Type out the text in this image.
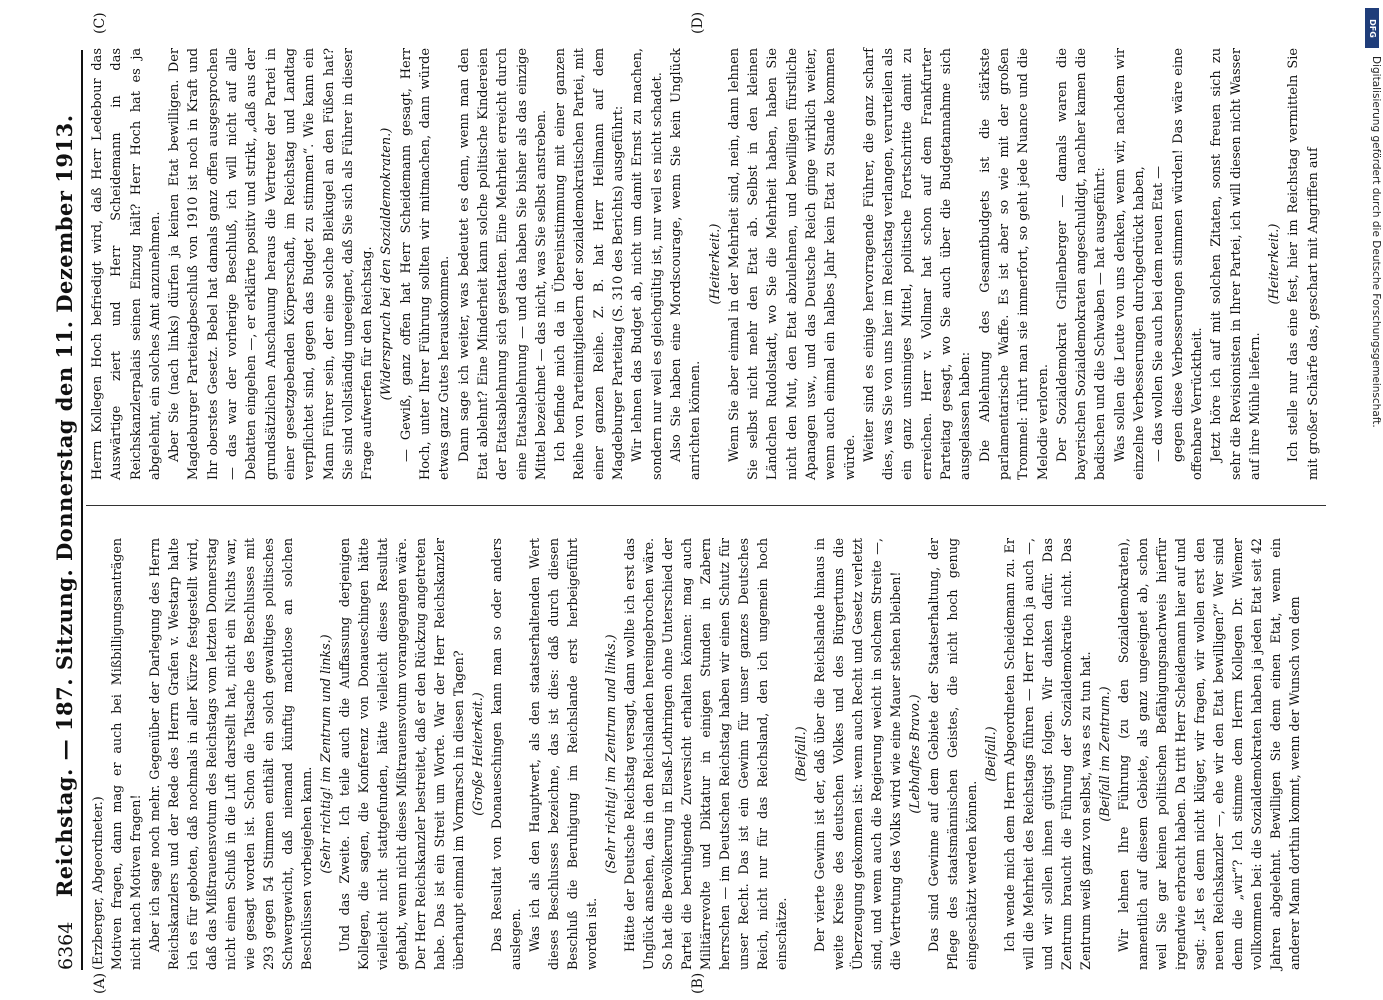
6364
Reichstag. — 187. Sitzung. Donnerstag den 11. Dezember 1913.
(A)	(B)
(C)	(D)

(Erzberger, Abgeordneter.) Motiven fragen, dann mag er auch bei Mißbilligungsanträgen nicht nach Motiven fragen! Aber ich sage noch mehr. Gegenüber der Darlegung des Herrn Reichskanzlers und der Rede des Herrn Grafen v. Westarp halte ich es für geboten, daß nochmals in aller Kürze festgestellt wird, daß das Mißtrauensvotum des Reichstags vom letzten Donnerstag nicht einen Schuß in die Luft darstellt hat, nicht ein Nichts war, wie gesagt worden ist. Schon die Tatsache des Beschlusses mit 293 gegen 54 Stimmen enthält ein solch gewaltiges politisches Schwergewicht, daß niemand künftig machtlose an solchen Beschlüssen vorbeigehen kann. (Sehr richtig! im Zentrum und links.) Und das Zweite. Ich teile auch die Auffassung derjenigen Kollegen, die sagen, die Konferenz von Donaueschingen hätte vielleicht nicht stattgefunden, hätte vielleicht dieses Resultat gehabt, wenn nicht dieses Mißtrauensvotum vorangegangen wäre. Der Herr Reichskanzler bestreitet, daß er den Rückzug angetreten habe. Das ist ein Streit um Worte. War der Herr Reichskanzler überhaupt einmal im Vormarsch in diesen Tagen? (Große Heiterkeit.) Das Resultat von Donaueschingen kann man so oder anders auslegen. Was ich als den Hauptwert, als den staatserhaltenden Wert dieses Beschlusses bezeichne, das ist dies: daß durch diesen Beschluß die Beruhigung im Reichslande erst herbeigeführt worden ist.

(Sehr richtig! im Zentrum und links.) Hätte der Deutsche Reichstag versagt, dann wollte ich erst das Unglück ansehen, das in den Reichslanden hereingebrochen wäre. So hat die Bevölkerung in Elsaß-Lothringen ohne Unterschied der Partei die beruhigende Zuversicht erhalten können: mag auch Militärrevolte und Diktatur in einigen Stunden in Zabern herrschen — im Deutschen Reichstag haben wir einen Schutz für unser Recht. Das ist ein Gewinn für unser ganzes Deutsches Reich, nicht nur für das Reichsland, den ich ungemein hoch einschätze.

(Beifall.) Der vierte Gewinn ist der, daß über die Reichslande hinaus in weite Kreise des deutschen Volkes und des Bürgertums die Überzeugung gekommen ist: wenn auch Recht und Gesetz verletzt sind, und wenn auch die Regierung weicht in solchem Streite —, die Vertretung des Volks wird wie eine Mauer stehen bleiben! (Lebhaftes Bravo.) Das sind Gewinne auf dem Gebiete der Staatserhaltung, der Pflege des staatsmännischen Geistes, die nicht hoch genug eingeschätzt werden können.

(Beifall.) Ich wende mich dem Herrn Abgeordneten Scheidemann zu. Er will die Mehrheit des Reichstags führen — Herr Hoch ja auch —, und wir sollen ihnen gütigst folgen. Wir danken dafür. Das Zentrum braucht die Führung der Sozialdemokratie nicht. Das Zentrum weiß ganz von selbst, was es zu tun hat. (Beifall im Zentrum.) Wir lehnen Ihre Führung (zu den Sozialdemokraten), namentlich auf diesem Gebiete, als ganz ungeeignet ab, schon weil Sie gar keinen politischen Befähigungsnachweis hierfür irgendwie erbracht haben. Da tritt Herr Scheidemann hier auf und sagt: „Ist es denn nicht klüger, wir fragen, wir wollen erst den neuen Reichskanzler —, ehe wir den Etat bewilligen?“ Wer sind denn die „wir“? Ich stimme dem Herrn Kollegen Dr. Wiemer vollkommen bei: die Sozialdemokraten haben ja jeden Etat seit 42 Jahren abgelehnt. Bewilligen Sie denn einen Etat, wenn ein anderer Mann dorthin kommt, wenn der Wunsch von dem

Herrn Kollegen Hoch befriedigt wird, daß Herr Ledebour das Auswärtige ziert und Herr Scheidemann in das Reichskanzlerpalais seinen Einzug hält? Herr Hoch hat es ja abgelehnt, ein solches Amt anzunehmen. Aber Sie (nach links) dürfen ja keinen Etat bewilligen. Der Magdeburger Parteitagbeschluß von 1910 ist noch in Kraft und Ihr oberstes Gesetz. Bebel hat damals ganz offen ausgesprochen — das war der vorherige Beschluß, ich will nicht auf alle Debatten eingehen —, er erklärte positiv und strikt, „daß aus der grundsätzlichen Anschauung heraus die Vertreter der Partei in einer gesetzgebenden Körperschaft, im Reichstag und Landtag verpflichtet sind, gegen das Budget zu stimmen“. Wie kann ein Mann Führer sein, der eine solche Bleikugel an den Füßen hat? Sie sind vollständig ungeeignet, daß Sie sich als Führer in dieser Frage aufwerfen für den Reichstag. (Widerspruch bei den Sozialdemokraten.) — Gewiß, ganz offen hat Herr Scheidemann gesagt, Herr Hoch, unter Ihrer Führung sollten wir mitmachen, dann würde etwas ganz Gutes herauskommen. Dann sage ich weiter, was bedeutet es denn, wenn man den Etat ablehnt? Eine Minderheit kann solche politische Kindereien der Etatsablehnung sich gestatten. Eine Mehrheit erreicht durch eine Etatsablehnung — und das haben Sie bisher als das einzige Mittel bezeichnet — das nicht, was Sie selbst anstreben. Ich befinde mich da in Übereinstimmung mit einer ganzen Reihe von Parteimitgliedern der sozialdemokratischen Partei, mit einer ganzen Reihe. Z. B. hat Herr Heilmann auf dem Magdeburger Parteitag (S. 310 des Berichts) ausgeführt: Wir lehnen das Budget ab, nicht um damit Ernst zu machen, sondern nur weil es gleichgültig ist, nur weil es nicht schadet. Also Sie haben eine Mordscourage, wenn Sie kein Unglück anrichten können.

(Heiterkeit.) Wenn Sie aber einmal in der Mehrheit sind, nein, dann lehnen Sie selbst nicht mehr den Etat ab. Selbst in den kleinen Ländchen Rudolstadt, wo Sie die Mehrheit haben, haben Sie nicht den Mut, den Etat abzulehnen, und bewilligen fürstliche Apanagen usw., und das Deutsche Reich ginge wirklich weiter, wenn auch einmal ein halbes Jahr kein Etat zu Stande kommen würde. Weiter sind es einige hervorragende Führer, die ganz scharf dies, was Sie von uns hier im Reichstag verlangen, verurteilen als ein ganz unsinniges Mittel, politische Fortschritte damit zu erreichen. Herr v. Vollmar hat schon auf dem Frankfurter Parteitag gesagt, wo Sie auch über die Budgetannahme sich ausgelassen haben: Die Ablehnung des Gesamtbudgets ist die stärkste parlamentarische Waffe. Es ist aber so wie mit der großen Trommel: rührt man sie immerfort, so geht jede Nuance und die Melodie verloren. Der Sozialdemokrat Grillenberger — damals waren die bayerischen Sozialdemokraten angeschuldigt, nachher kamen die badischen und die Schwaben — hat ausgeführt: Was sollen die Leute von uns denken, wenn wir, nachdem wir einzelne Verbesserungen durchgedrückt haben, — das wollen Sie auch bei dem neuen Etat — gegen diese Verbesserungen stimmen würden! Das wäre eine offenbare Verrücktheit. Jetzt höre ich auf mit solchen Zitaten, sonst freuen sich zu sehr die Revisionisten in Ihrer Partei, ich will diesen nicht Wasser auf ihre Mühle liefern.

(Heiterkeit.) Ich stelle nur das eine fest, hier im Reichstag vermitteln Sie mit großer Schärfe das, geschart mit Angriffen auf

DFG
Digitalisierung gefördert durch die Deutsche Forschungsgemeinschaft.
